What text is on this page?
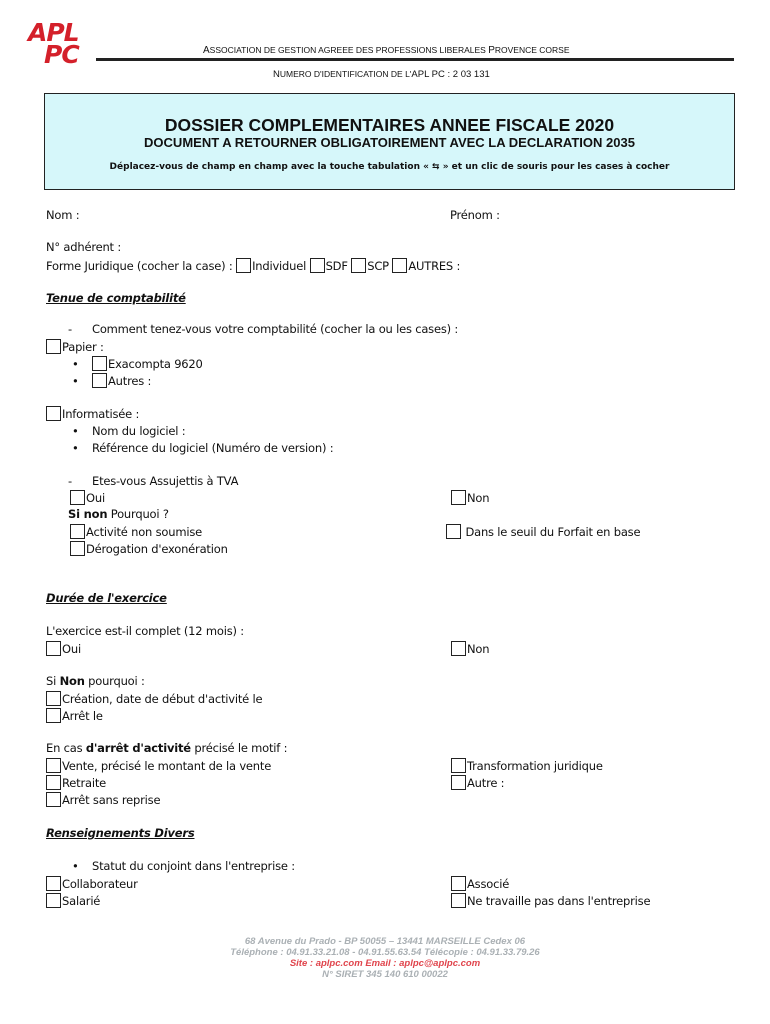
APL
PC	ASSOCIATION DE GESTION AGREEE DES PROFESSIONS LIBERALES PROVENCE CORSE
NUMERO D'IDENTIFICATION DE L'APL PC : 2 03 131
DOSSIER COMPLEMENTAIRES ANNEE FISCALE 2020
DOCUMENT A RETOURNER OBLIGATOIREMENT AVEC LA DECLARATION 2035
Déplacez-vous de champ en champ avec la touche tabulation « ⇆ » et un clic de souris pour les cases à cocher
Nom :	Prénom :
N° adhérent :
Forme Juridique (cocher la case) : Individuel SDF SCP AUTRES :
Tenue de comptabilité
- Comment tenez-vous votre comptabilité (cocher la ou les cases) :
Papier :
• Exacompta 9620
• Autres :
Informatisée :
• Nom du logiciel :
• Référence du logiciel (Numéro de version) :
- Etes-vous Assujettis à TVA
Oui	Non
Si non Pourquoi ?
Activité non soumise	Dans le seuil du Forfait en base
Dérogation d'exonération
Durée de l'exercice
L'exercice est-il complet (12 mois) :
Oui	Non
Si Non pourquoi :
Création, date de début d'activité le
Arrêt le
En cas d'arrêt d'activité précisé le motif :
Vente, précisé le montant de la vente	Transformation juridique
Retraite	Autre :
Arrêt sans reprise
Renseignements Divers
• Statut du conjoint dans l'entreprise :
Collaborateur	Associé
Salarié	Ne travaille pas dans l'entreprise
68 Avenue du Prado - BP 50055 – 13441 MARSEILLE Cedex 06
Téléphone : 04.91.33.21.08 - 04.91.55.63.54 Télécopie : 04.91.33.79.26
Site : aplpc.com Email : aplpc@aplpc.com
N° SIRET 345 140 610 00022
